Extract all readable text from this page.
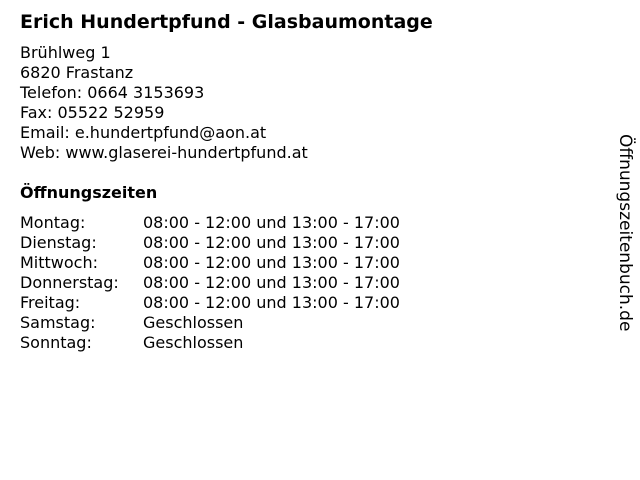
Erich Hundertpfund - Glasbaumontage
Brühlweg 1
6820 Frastanz
Telefon: 0664 3153693
Fax: 05522 52959
Email: e.hundertpfund@aon.at
Web: www.glaserei-hundertpfund.at
Öffnungszeiten
Montag:	08:00 - 12:00 und 13:00 - 17:00
Dienstag:	08:00 - 12:00 und 13:00 - 17:00
Mittwoch:	08:00 - 12:00 und 13:00 - 17:00
Donnerstag: 08:00 - 12:00 und 13:00 - 17:00
Freitag:	08:00 - 12:00 und 13:00 - 17:00
Samstag:	Geschlossen
Sonntag:	Geschlossen
Öffnungszeitenbuch.de
